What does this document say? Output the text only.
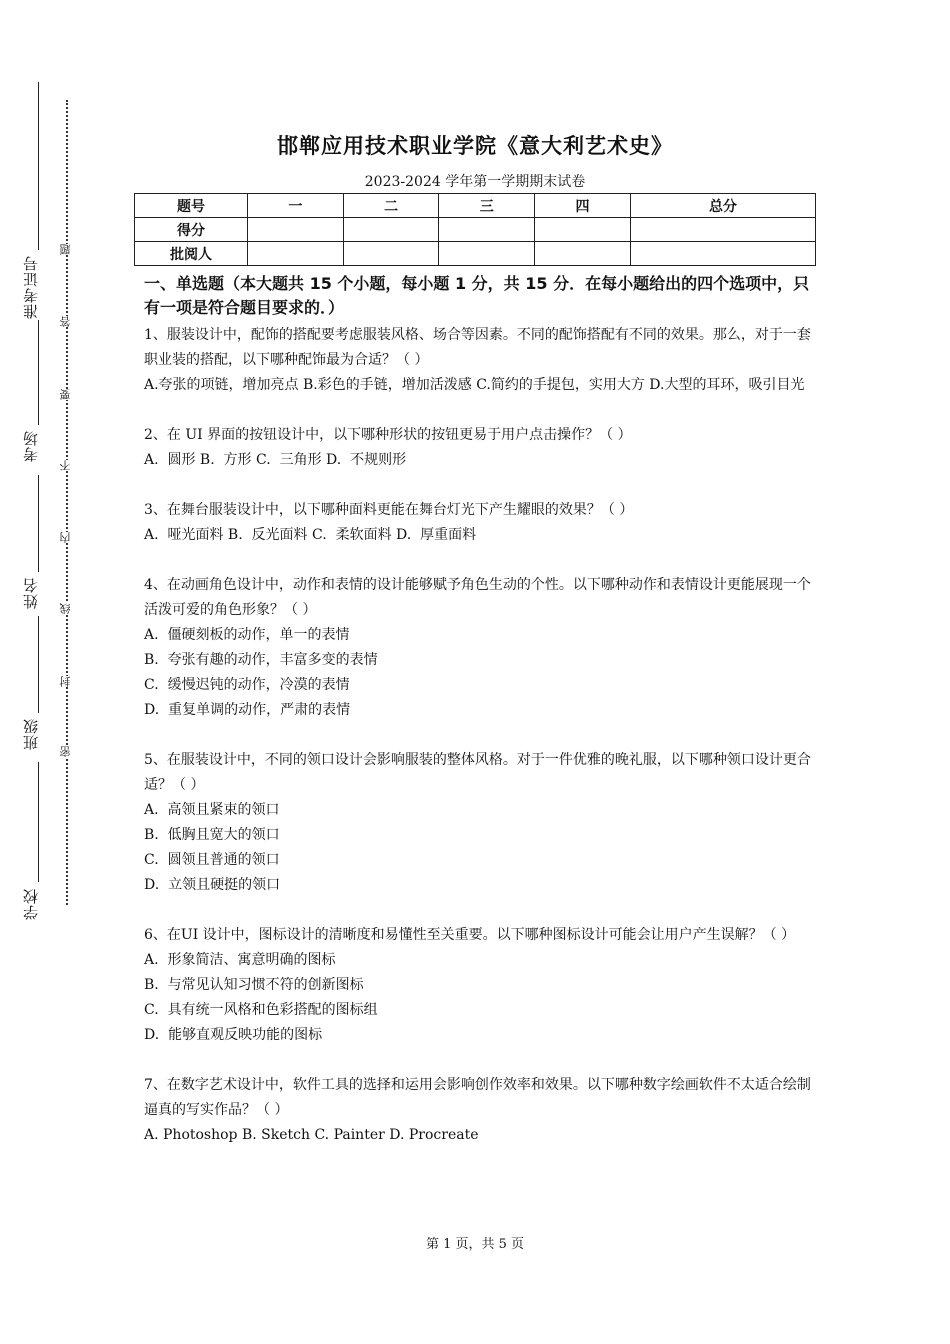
准考证号
考场
姓名
班级
学校
题
答
要
不
内
线
封
密
邯郸应用技术职业学院《意大利艺术史》
2023-2024 学年第一学期期末试卷
题号	一	二	三	四	总分
得分					
批阅人					
一、单选题（本大题共 15 个小题，每小题 1 分，共 15 分．在每小题给出的四个选项中，只有一项是符合题目要求的．）
1、服装设计中，配饰的搭配要考虑服装风格、场合等因素。不同的配饰搭配有不同的效果。那么，对于一套职业装的搭配，以下哪种配饰最为合适？（ ）
A.夸张的项链，增加亮点 B.彩色的手链，增加活泼感 C.简约的手提包，实用大方 D.大型的耳环，吸引目光
2、在 UI 界面的按钮设计中，以下哪种形状的按钮更易于用户点击操作？（ ）
A.  圆形 B.  方形 C.  三角形 D.  不规则形
3、在舞台服装设计中，以下哪种面料更能在舞台灯光下产生耀眼的效果？（ ）
A.  哑光面料 B.  反光面料 C.  柔软面料 D.  厚重面料
4、在动画角色设计中，动作和表情的设计能够赋予角色生动的个性。以下哪种动作和表情设计更能展现一个活泼可爱的角色形象？（ ）
A.  僵硬刻板的动作，单一的表情
B.  夸张有趣的动作，丰富多变的表情
C.  缓慢迟钝的动作，冷漠的表情
D.  重复单调的动作，严肃的表情
5、在服装设计中，不同的领口设计会影响服装的整体风格。对于一件优雅的晚礼服，以下哪种领口设计更合适？（ ）
A.  高领且紧束的领口
B.  低胸且宽大的领口
C.  圆领且普通的领口
D.  立领且硬挺的领口
6、在UI 设计中，图标设计的清晰度和易懂性至关重要。以下哪种图标设计可能会让用户产生误解？（ ）
A.  形象简洁、寓意明确的图标
B.  与常见认知习惯不符的创新图标
C.  具有统一风格和色彩搭配的图标组
D.  能够直观反映功能的图标
7、在数字艺术设计中，软件工具的选择和运用会影响创作效率和效果。以下哪种数字绘画软件不太适合绘制逼真的写实作品？（ ）
A. Photoshop B. Sketch C. Painter D. Procreate
第 1 页，共 5 页
